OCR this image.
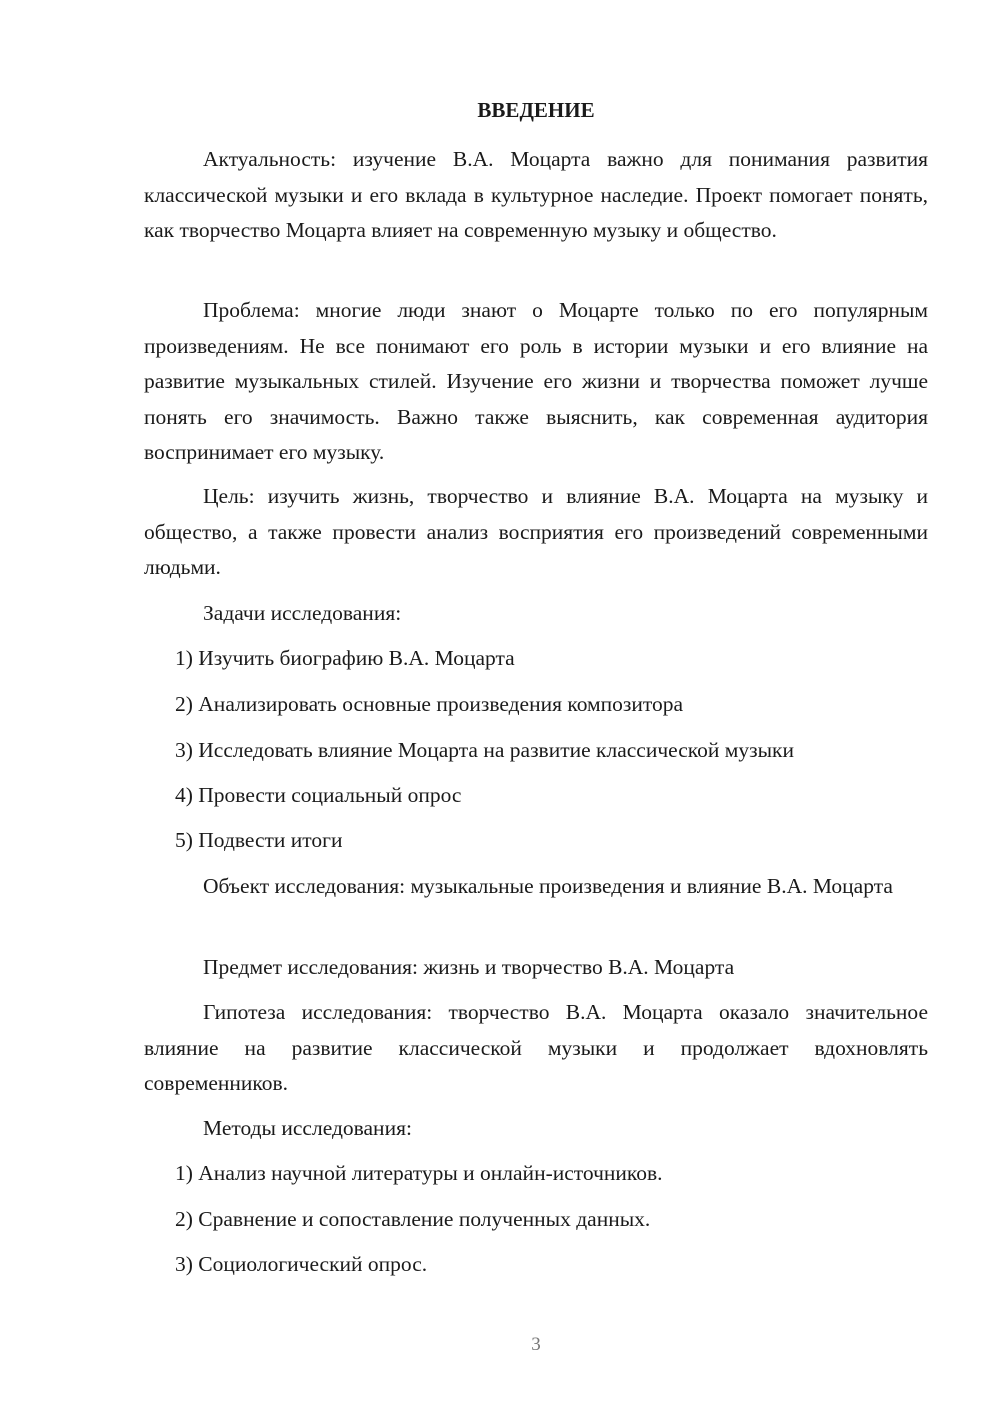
ВВЕДЕНИЕ

Актуальность: изучение В.А. Моцарта важно для понимания развития классической музыки и его вклада в культурное наследие. Проект помогает понять, как творчество Моцарта влияет на современную музыку и общество.

Проблема: многие люди знают о Моцарте только по его популярным произведениям. Не все понимают его роль в истории музыки и его влияние на развитие музыкальных стилей. Изучение его жизни и творчества поможет лучше понять его значимость. Важно также выяснить, как современная аудитория воспринимает его музыку.

Цель: изучить жизнь, творчество и влияние В.А. Моцарта на музыку и общество, а также провести анализ восприятия его произведений современными людьми.

Задачи исследования:

1) Изучить биографию В.А. Моцарта

2) Анализировать основные произведения композитора

3) Исследовать влияние Моцарта на развитие классической музыки

4) Провести социальный опрос

5) Подвести итоги

Объект исследования: музыкальные произведения и влияние В.А. Моцарта

Предмет исследования: жизнь и творчество В.А. Моцарта

Гипотеза исследования: творчество В.А. Моцарта оказало значительное влияние на развитие классической музыки и продолжает вдохновлять современников.

Методы исследования:

1) Анализ научной литературы и онлайн-источников.

2) Сравнение и сопоставление полученных данных.

3) Социологический опрос.

3
